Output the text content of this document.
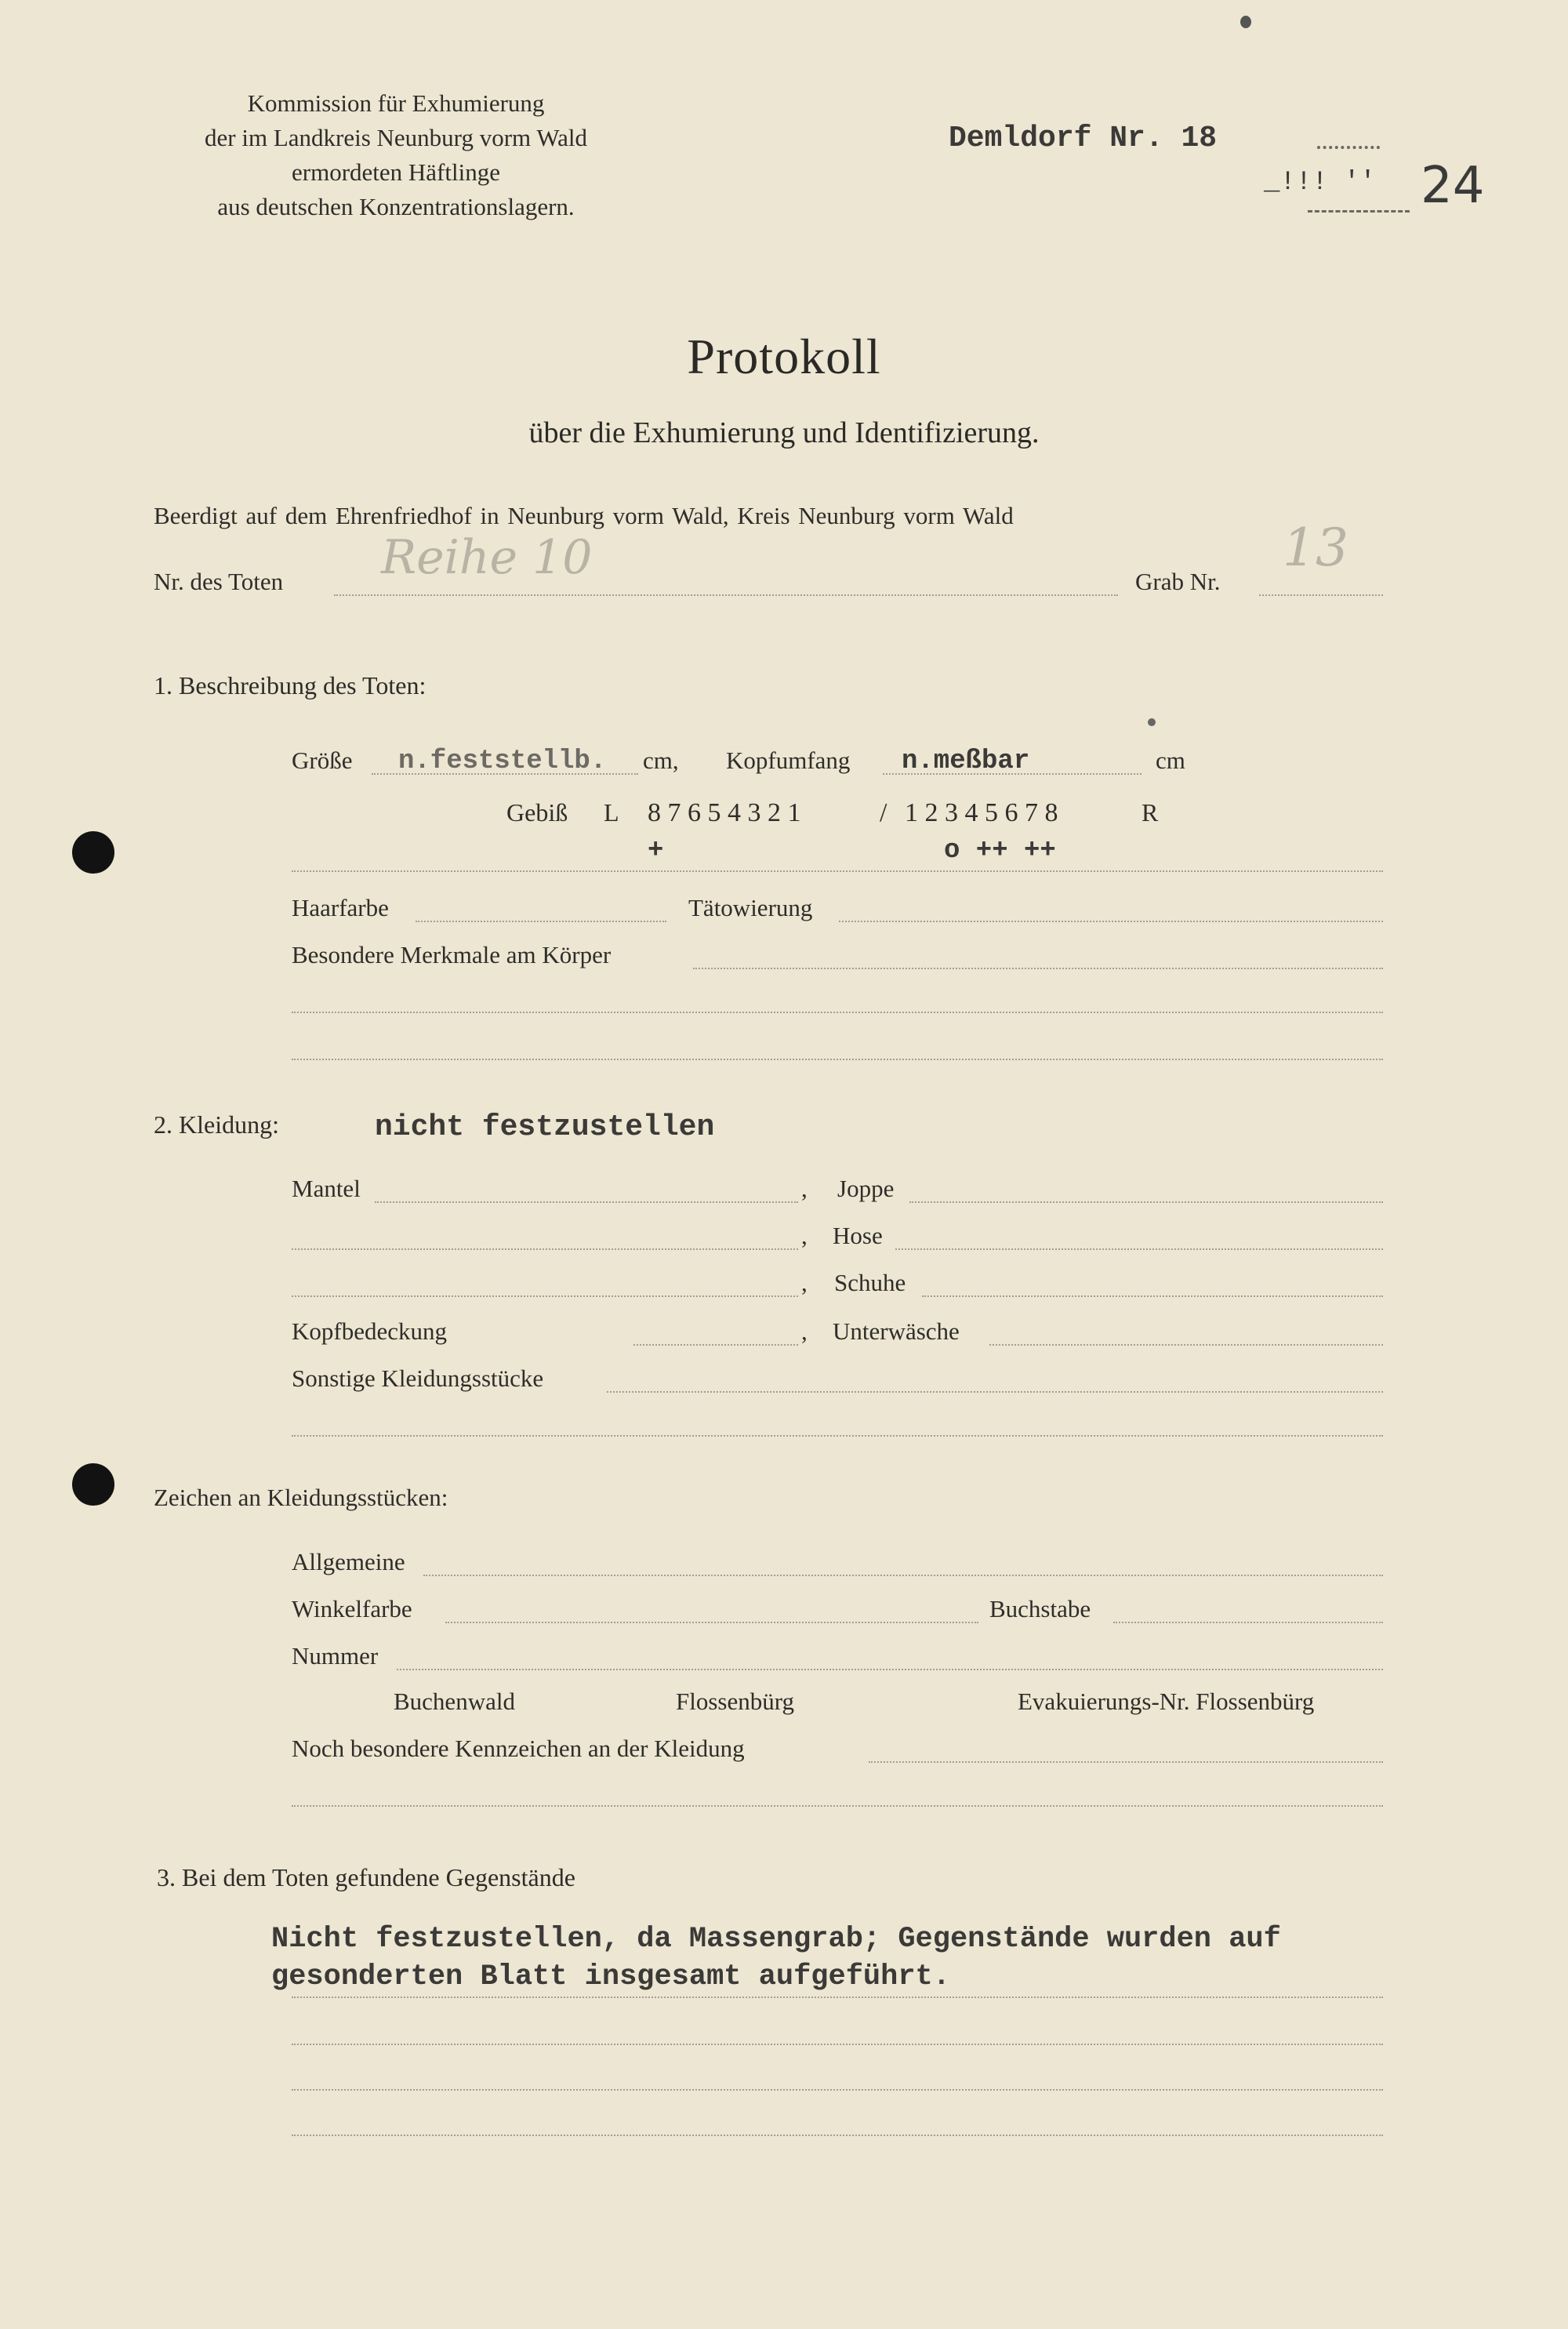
Kommission für Exhumierung
der im Landkreis Neunburg vorm Wald
ermordeten Häftlinge
aus deutschen Konzentrationslagern.
Demldorf Nr. 18
_!!! '' 24
Protokoll
über die Exhumierung und Identifizierung.
Beerdigt auf dem Ehrenfriedhof in Neunburg vorm Wald, Kreis Neunburg vorm Wald
Nr. des Toten Reihe 10	Grab Nr.
13
1. Beschreibung des Toten:
Größe n.feststellb. cm, Kopfumfang n.meßbar	cm
Gebiß L 8 7 6 5 4 3 2 1	/ 1 2 3 4 5 6 7 8	R
+	o ++ ++
Haarfarbe	Tätowierung
Besondere Merkmale am Körper
2. Kleidung:	nicht festzustellen
Mantel	, Joppe
, Hose
, Schuhe
Kopfbedeckung	, Unterwäsche
Sonstige Kleidungsstücke
Zeichen an Kleidungsstücken:
Allgemeine
Winkelfarbe	Buchstabe
Nummer
Buchenwald	Flossenbürg	Evakuierungs-Nr. Flossenbürg
Noch besondere Kennzeichen an der Kleidung
3. Bei dem Toten gefundene Gegenstände
Nicht festzustellen, da Massengrab; Gegenstände wurden auf
gesonderten Blatt insgesamt aufgeführt.
